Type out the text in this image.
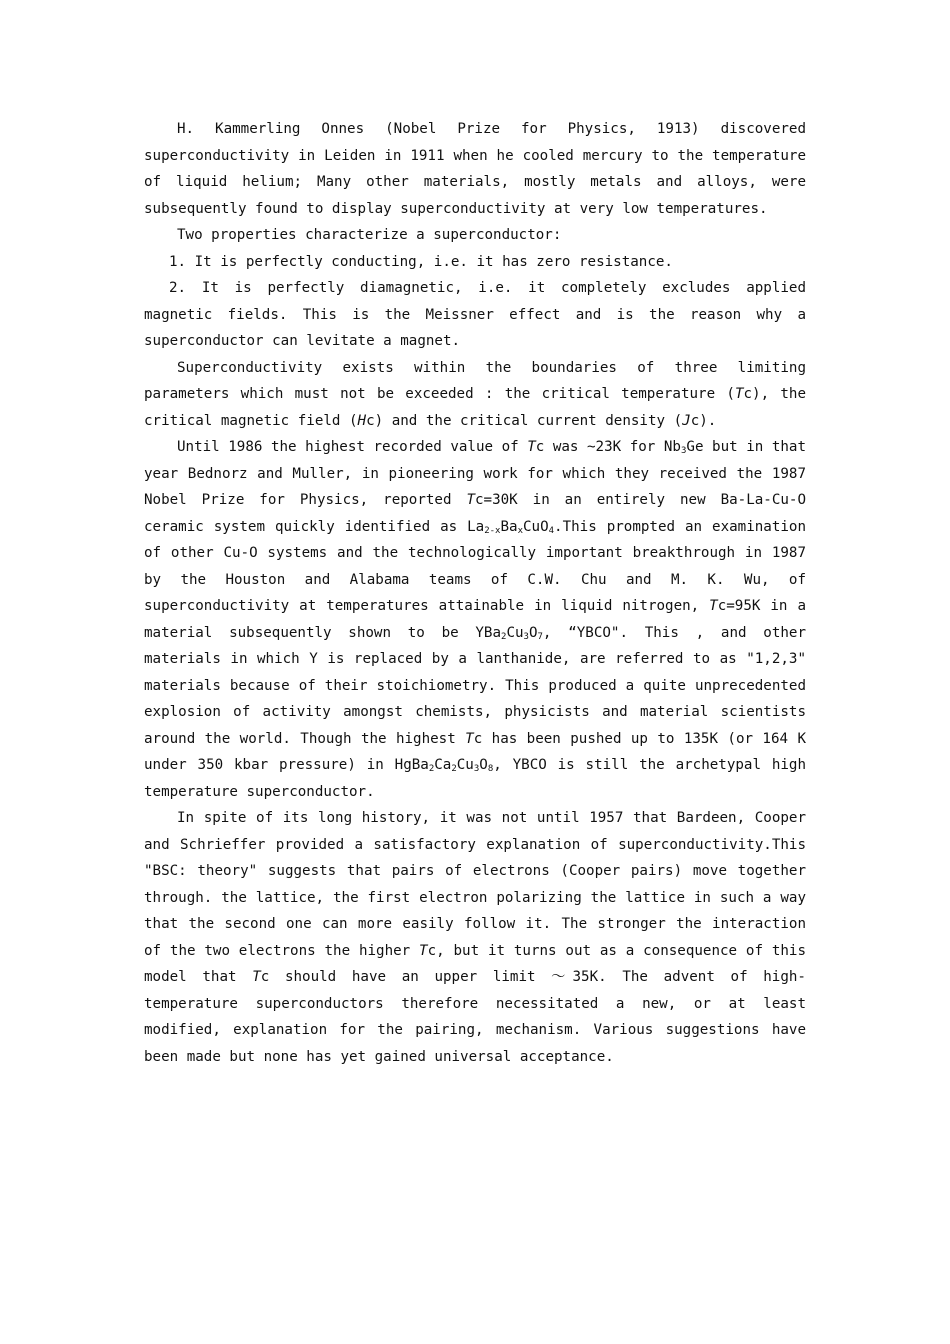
H. Kammerling Onnes (Nobel Prize for Physics, 1913) discovered superconductivity in Leiden in 1911 when he cooled mercury to the temperature of liquid helium; Many other materials, mostly metals and alloys, were subsequently found to display superconductivity at very low temperatures.

Two properties characterize a superconductor:

1. It is perfectly conducting, i.e. it has zero resistance.

2. It is perfectly diamagnetic, i.e. it completely excludes applied magnetic fields. This is the Meissner effect and is the reason why a superconductor can levitate a magnet.

Superconductivity exists within the boundaries of three limiting parameters which must not be exceeded : the critical temperature (Tc), the critical magnetic field (Hc) and the critical current density (Jc).

Until 1986 the highest recorded value of Tc was ~23K for $Nb_3Ge$ but in that year Bednorz and Muller, in pioneering work for which they received the 1987 Nobel Prize for Physics, reported Tc=30K in an entirely new Ba-La-Cu-O ceramic system quickly identified as $La_{2-x}Ba_xCuO_4.This$ prompted an examination of other Cu-O systems and the technologically important breakthrough in 1987 by the Houston and Alabama teams of C.W. Chu and M. K. Wu, of superconductivity at temperatures attainable in liquid nitrogen, Tc=95K in a material subsequently shown to be $YBa_2Cu_3O_7$, “YBCO". This , and other materials in which Y is replaced by a lanthanide, are referred to as "1,2,3" materials because of their stoichiometry. This produced a quite unprecedented explosion of activity amongst chemists, physicists and material scientists around the world. Though the highest Tc has been pushed up to 135K (or 164 K under 350 kbar pressure) in $HgBa_2Ca_2Cu_3O_8$, YBCO is still the archetypal high temperature superconductor.

In spite of its long history, it was not until 1957 that Bardeen, Cooper and Schrieffer provided a satisfactory explanation of superconductivity.This "BSC: theory" suggests that pairs of electrons (Cooper pairs) move together through. the lattice, the first electron polarizing the lattice in such a way that the second one can more easily follow it. The stronger the interaction of the two electrons the higher Tc, but it turns out as a consequence of this model that Tc should have an upper limit ～35K. The advent of high-temperature superconductors therefore necessitated a new, or at least modified, explanation for the pairing, mechanism. Various suggestions have been made but none has yet gained universal acceptance.
